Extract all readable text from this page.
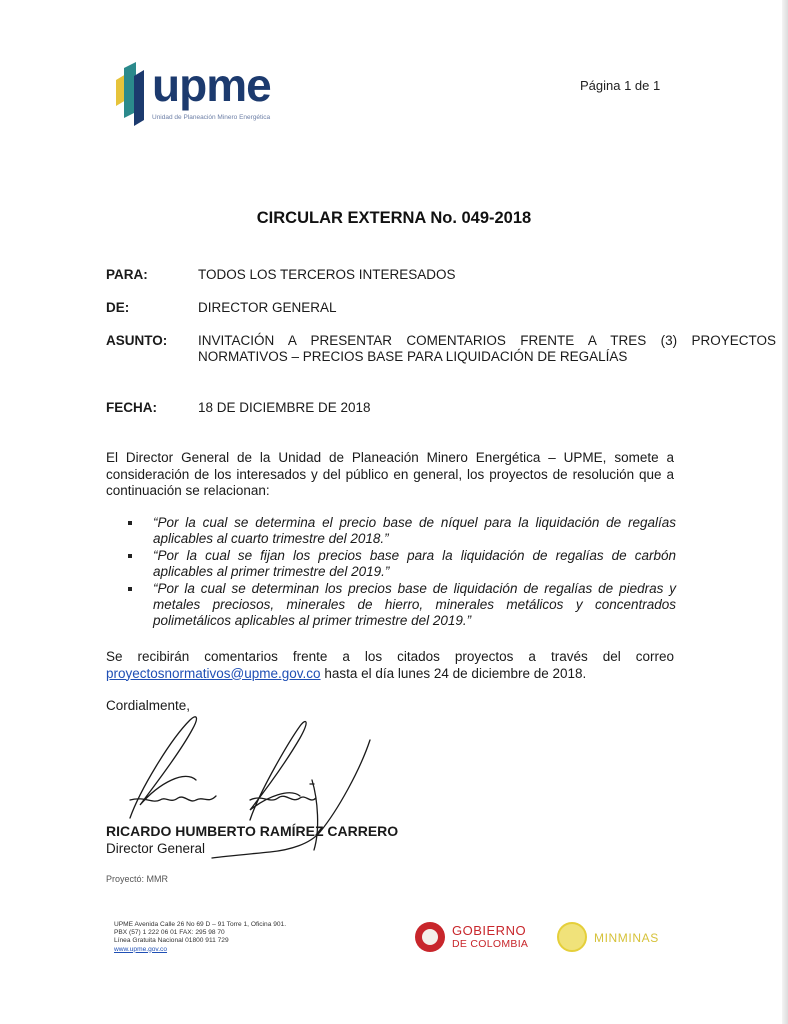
upme
Unidad de Planeación Minero Energética
Página 1 de 1
CIRCULAR EXTERNA No. 049-2018
PARA:	TODOS LOS TERCEROS INTERESADOS
DE:	DIRECTOR GENERAL
ASUNTO: INVITACIÓN A PRESENTAR COMENTARIOS FRENTE A TRES (3) PROYECTOS NORMATIVOS – PRECIOS BASE PARA LIQUIDACIÓN DE REGALÍAS
FECHA:	18 DE DICIEMBRE DE 2018
El Director General de la Unidad de Planeación Minero Energética – UPME, somete a consideración de los interesados y del público en general, los proyectos de resolución que a continuación se relacionan:
“Por la cual se determina el precio base de níquel para la liquidación de regalías aplicables al cuarto trimestre del 2018.”
“Por la cual se fijan los precios base para la liquidación de regalías de carbón aplicables al primer trimestre del 2019.”
“Por la cual se determinan los precios base de liquidación de regalías de piedras y metales preciosos, minerales de hierro, minerales metálicos y concentrados polimetálicos aplicables al primer trimestre del 2019.”
Se recibirán comentarios frente a los citados proyectos a través del correo proyectosnormativos@upme.gov.co hasta el día lunes 24 de diciembre de 2018.
Cordialmente,
RICARDO HUMBERTO RAMÍREZ CARRERO
Director General
Proyectó: MMR
UPME Avenida Calle 26 No 69 D – 91 Torre 1, Oficina 901.
PBX (57) 1 222 06 01 FAX: 295 98 70
Línea Gratuita Nacional 01800 911 729
www.upme.gov.co
GOBIERNO
DE COLOMBIA	MINMINAS
